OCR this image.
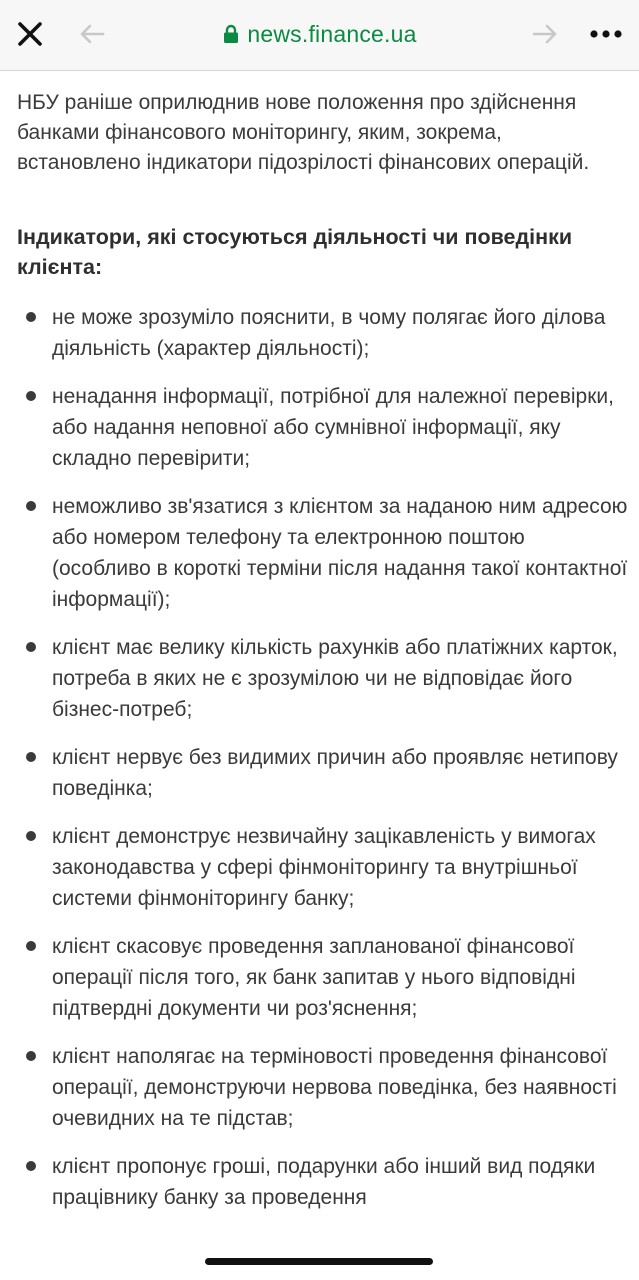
news.finance.ua

НБУ раніше оприлюднив нове положення про здійснення банками фінансового моніторингу, яким, зокрема, встановлено індикатори підозрілості фінансових операцій.

Індикатори, які стосуються діяльності чи поведінки клієнта:

не може зрозуміло пояснити, в чому полягає його ділова діяльність (характер діяльності);
ненадання інформації, потрібної для належної перевірки, або надання неповної або сумнівної інформації, яку складно перевірити;
неможливо зв'язатися з клієнтом за наданою ним адресою або номером телефону та електронною поштою (особливо в короткі терміни після надання такої контактної інформації);
клієнт має велику кількість рахунків або платіжних карток, потреба в яких не є зрозумілою чи не відповідає його бізнес-потреб;
клієнт нервує без видимих причин або проявляє нетипову поведінка;
клієнт демонструє незвичайну зацікавленість у вимогах законодавства у сфері фінмоніторингу та внутрішньої системи фінмоніторингу банку;
клієнт скасовує проведення запланованої фінансової операції після того, як банк запитав у нього відповідні підтвердні документи чи роз'яснення;
клієнт наполягає на терміновості проведення фінансової операції, демонструючи нервова поведінка, без наявності очевидних на те підстав;
клієнт пропонує гроші, подарунки або інший вид подяки працівнику банку за проведення
